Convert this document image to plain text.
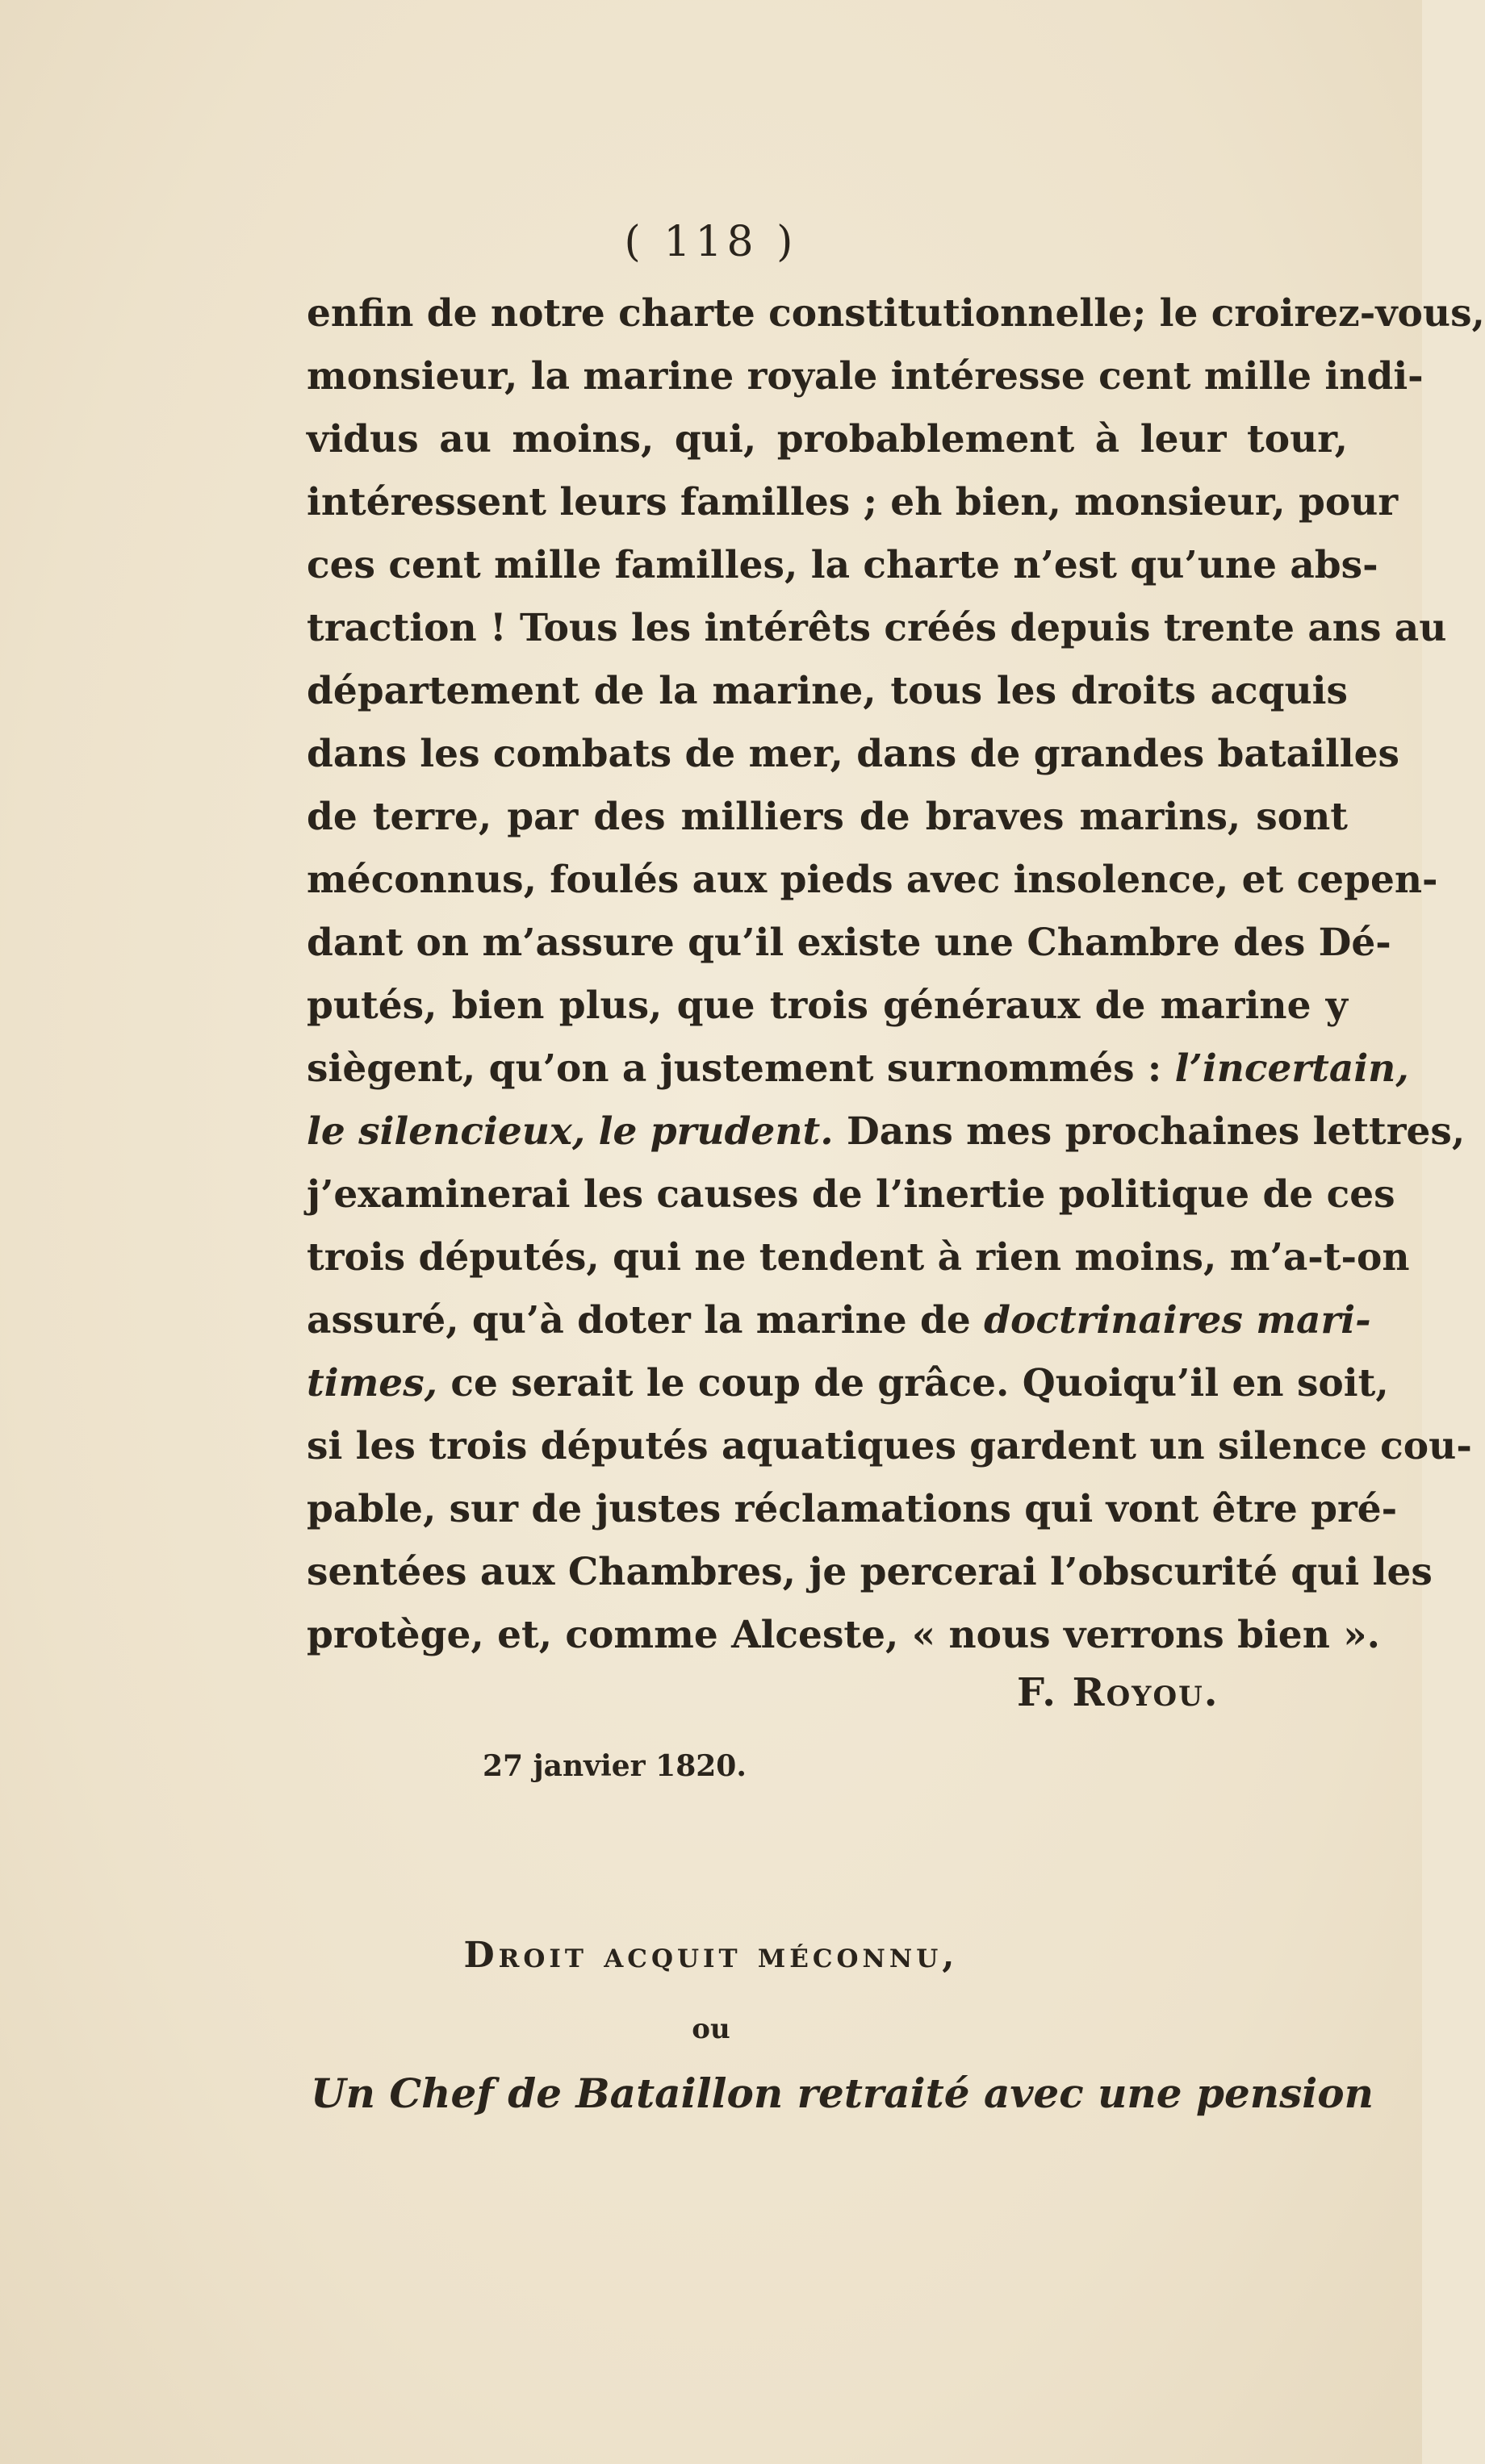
( 118 )
enfin de notre charte constitutionnelle; le croirez-vous,
monsieur, la marine royale intéresse cent mille indi-
vidus au moins, qui, probablement à leur tour,
intéressent leurs familles ; eh bien, monsieur, pour
ces cent mille familles, la charte n’est qu’une abs-
traction ! Tous les intérêts créés depuis trente ans au
département de la marine, tous les droits acquis
dans les combats de mer, dans de grandes batailles
de terre, par des milliers de braves marins, sont
méconnus, foulés aux pieds avec insolence, et cepen-
dant on m’assure qu’il existe une Chambre des Dé-
putés, bien plus, que trois généraux de marine y
siègent, qu’on a justement surnommés : l’incertain,
le silencieux, le prudent. Dans mes prochaines lettres,
j’examinerai les causes de l’inertie politique de ces
trois députés, qui ne tendent à rien moins, m’a-t-on
assuré, qu’à doter la marine de doctrinaires mari-
times, ce serait le coup de grâce. Quoiqu’il en soit,
si les trois députés aquatiques gardent un silence cou-
pable, sur de justes réclamations qui vont être pré-
sentées aux Chambres, je percerai l’obscurité qui les
protège, et, comme Alceste, « nous verrons bien ».
F. Royou.
27 janvier 1820.
Droit acquit méconnu,
ou
Un Chef de Bataillon retraité avec une pension
